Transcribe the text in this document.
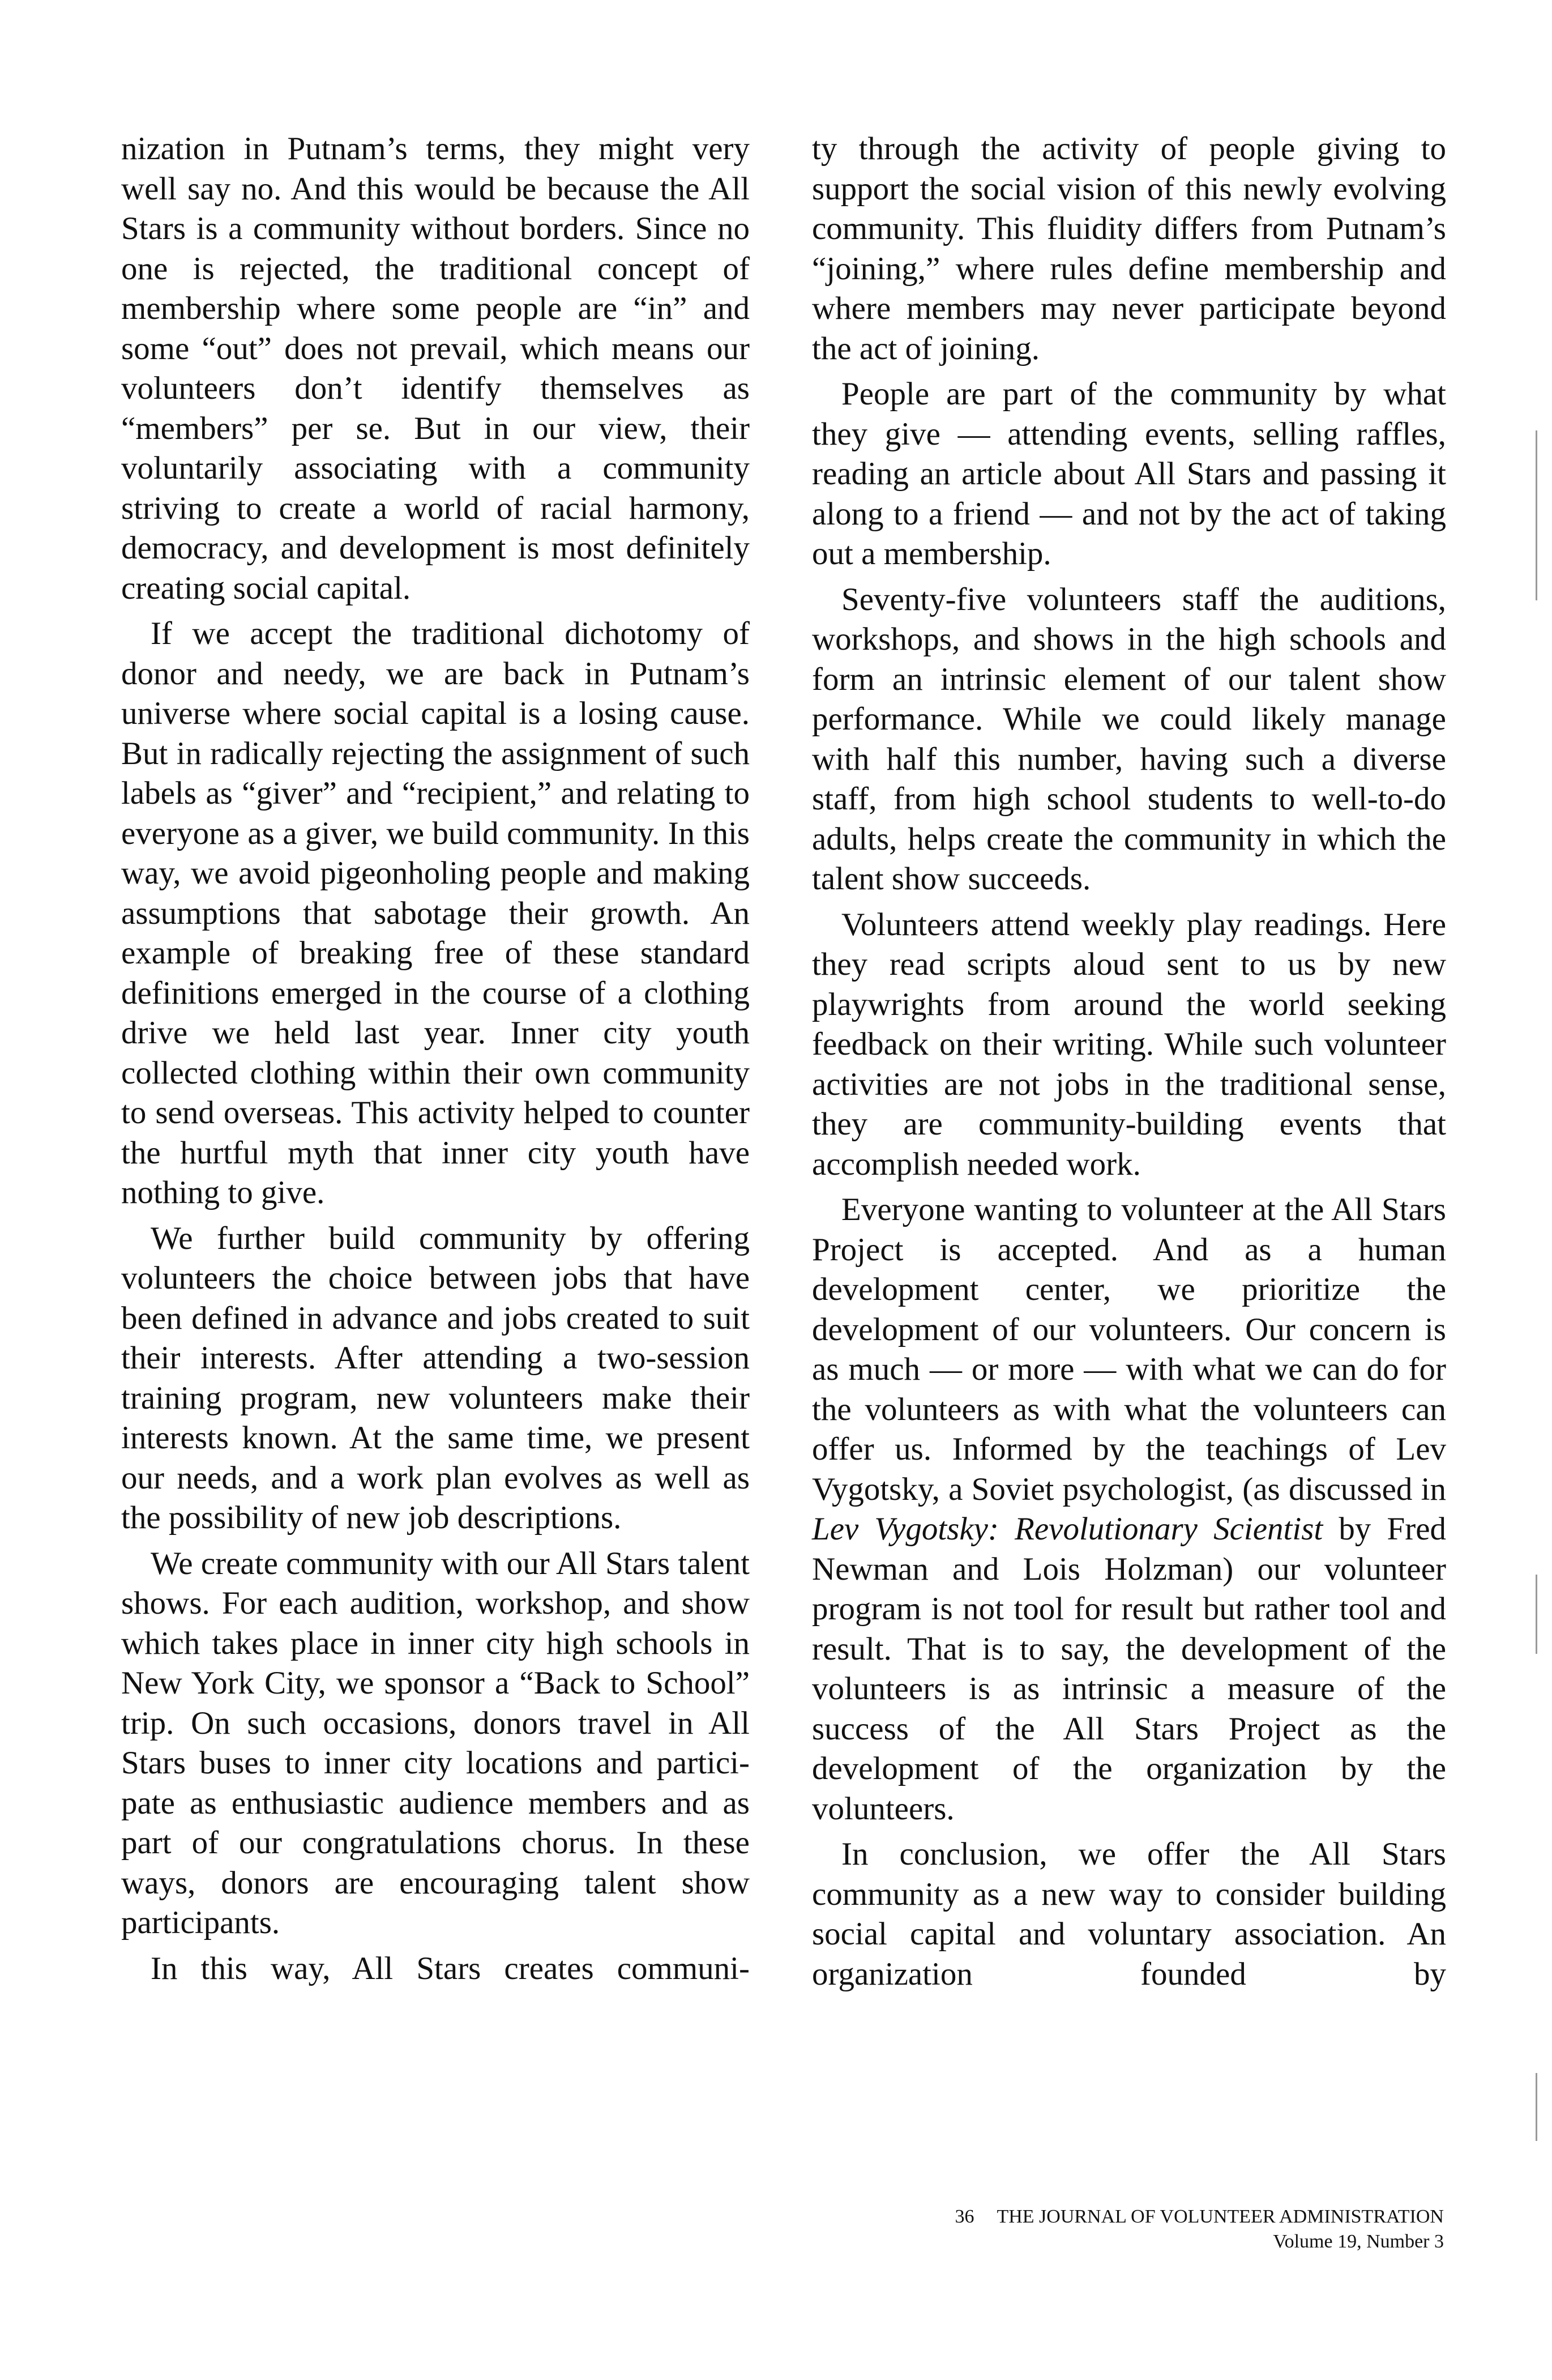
nization in Putnam’s terms, they might very well say no. And this would be because the All Stars is a community without borders. Since no one is rejected, the traditional concept of membership where some people are “in” and some “out” does not prevail, which means our volunteers don’t identify themselves as “members” per se. But in our view, their voluntarily associating with a community striving to create a world of racial harmony, democracy, and development is most definitely creating social capital.

If we accept the traditional dichotomy of donor and needy, we are back in Putnam’s universe where social capital is a losing cause. But in radically rejecting the assignment of such labels as “giver” and “recipient,” and relating to everyone as a giver, we build community. In this way, we avoid pigeonholing people and making assumptions that sabotage their growth. An example of breaking free of these standard definitions emerged in the course of a clothing drive we held last year. Inner city youth collected clothing within their own community to send overseas. This activity helped to counter the hurtful myth that inner city youth have nothing to give.

We further build community by offering volunteers the choice between jobs that have been defined in advance and jobs created to suit their interests. After attending a two-session training program, new volunteers make their interests known. At the same time, we present our needs, and a work plan evolves as well as the possibility of new job descriptions.

We create community with our All Stars talent shows. For each audition, workshop, and show which takes place in inner city high schools in New York City, we sponsor a “Back to School” trip. On such occasions, donors travel in All Stars buses to inner city locations and participate as enthusiastic audience members and as part of our congratulations chorus. In these ways, donors are encouraging talent show participants.

In this way, All Stars creates communi-

ty through the activity of people giving to support the social vision of this newly evolving community. This fluidity differs from Putnam’s “joining,” where rules define membership and where members may never participate beyond the act of joining.

People are part of the community by what they give — attending events, selling raffles, reading an article about All Stars and passing it along to a friend — and not by the act of taking out a membership.

Seventy-five volunteers staff the auditions, workshops, and shows in the high schools and form an intrinsic element of our talent show performance. While we could likely manage with half this number, having such a diverse staff, from high school students to well-to-do adults, helps create the community in which the talent show succeeds.

Volunteers attend weekly play readings. Here they read scripts aloud sent to us by new playwrights from around the world seeking feedback on their writing. While such volunteer activities are not jobs in the traditional sense, they are community-building events that accomplish needed work.

Everyone wanting to volunteer at the All Stars Project is accepted. And as a human development center, we prioritize the development of our volunteers. Our concern is as much — or more — with what we can do for the volunteers as with what the volunteers can offer us. Informed by the teachings of Lev Vygotsky, a Soviet psychologist, (as discussed in Lev Vygotsky: Revolutionary Scientist by Fred Newman and Lois Holzman) our volunteer program is not tool for result but rather tool and result. That is to say, the development of the volunteers is as intrinsic a measure of the success of the All Stars Project as the development of the organization by the volunteers.

In conclusion, we offer the All Stars community as a new way to consider building social capital and voluntary association. An organization founded by

36 THE JOURNAL OF VOLUNTEER ADMINISTRATION
Volume 19, Number 3
